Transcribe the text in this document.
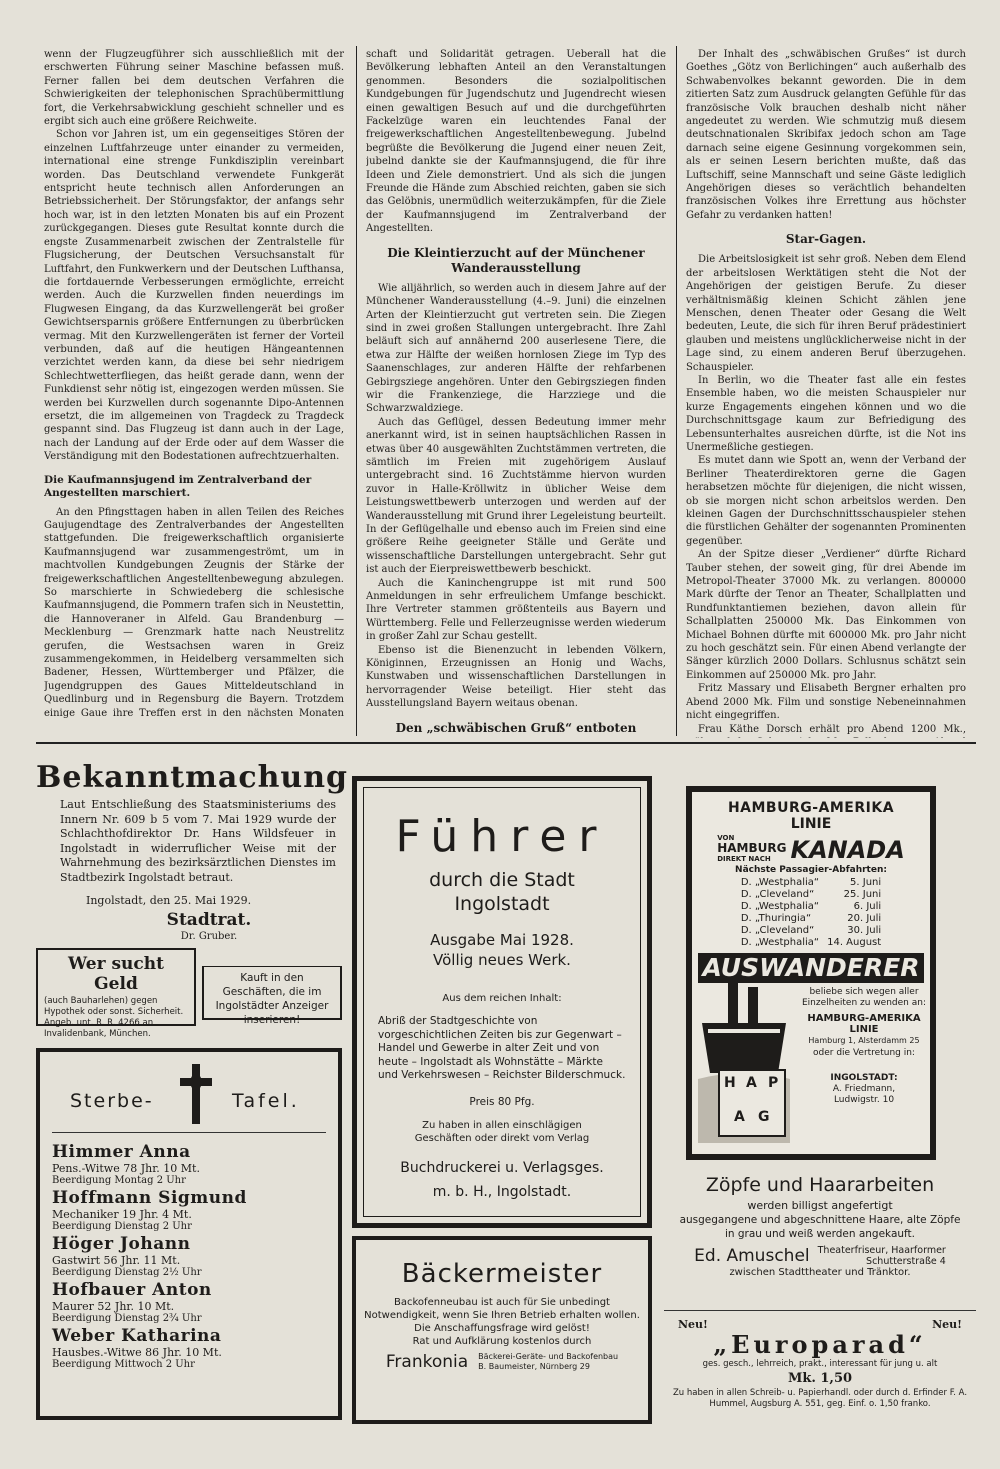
wenn der Flugzeugführer sich ausschließlich mit der erschwerten Führung seiner Maschine befassen muß. Ferner fallen bei dem deutschen Verfahren die Schwierigkeiten der telephonischen Sprachübermittlung fort, die Verkehrsabwicklung geschieht schneller und es ergibt sich auch eine größere Reichweite.

Schon vor Jahren ist, um ein gegenseitiges Stören der einzelnen Luftfahrzeuge unter einander zu vermeiden, international eine strenge Funkdisziplin vereinbart worden. Das Deutschland verwendete Funkgerät entspricht heute technisch allen Anforderungen an Betriebssicherheit. Der Störungsfaktor, der anfangs sehr hoch war, ist in den letzten Monaten bis auf ein Prozent zurückgegangen. Dieses gute Resultat konnte durch die engste Zusammenarbeit zwischen der Zentralstelle für Flugsicherung, der Deutschen Versuchsanstalt für Luftfahrt, den Funkwerkern und der Deutschen Lufthansa, die fortdauernde Verbesserungen ermöglichte, erreicht werden. Auch die Kurzwellen finden neuerdings im Flugwesen Eingang, da das Kurzwellengerät bei großer Gewichtsersparnis größere Entfernungen zu überbrücken vermag. Mit den Kurzwellengeräten ist ferner der Vorteil verbunden, daß auf die heutigen Hängeantennen verzichtet werden kann, da diese bei sehr niedrigem Schlechtwetterfliegen, das heißt gerade dann, wenn der Funkdienst sehr nötig ist, eingezogen werden müssen. Sie werden bei Kurzwellen durch sogenannte Dipo-Antennen ersetzt, die im allgemeinen von Tragdeck zu Tragdeck gespannt sind. Das Flugzeug ist dann auch in der Lage, nach der Landung auf der Erde oder auf dem Wasser die Verständigung mit den Bodestationen aufrechtzuerhalten.

Die Kaufmannsjugend im Zentralverband der Angestellten marschiert.

An den Pfingsttagen haben in allen Teilen des Reiches Gaujugendtage des Zentralverbandes der Angestellten stattgefunden. Die freigewerkschaftlich organisierte Kaufmannsjugend war zusammengeströmt, um in machtvollen Kundgebungen Zeugnis der Stärke der freigewerkschaftlichen Angestelltenbewegung abzulegen. So marschierte in Schwiedeberg die schlesische Kaufmannsjugend, die Pommern trafen sich in Neustettin, die Hannoveraner in Alfeld. Gau Brandenburg — Mecklenburg — Grenzmark hatte nach Neustrelitz gerufen, die Westsachsen waren in Greiz zusammengekommen, in Heidelberg versammelten sich Badener, Hessen, Württemberger und Pfälzer, die Jugendgruppen des Gaues Mitteldeutschland in Quedlinburg und in Regensburg die Bayern. Trotzdem einige Gaue ihre Treffen erst in den nächsten Monaten

schaft und Solidarität getragen. Ueberall hat die Bevölkerung lebhaften Anteil an den Veranstaltungen genommen. Besonders die sozialpolitischen Kundgebungen für Jugendschutz und Jugendrecht wiesen einen gewaltigen Besuch auf und die durchgeführten Fackelzüge waren ein leuchtendes Fanal der freigewerkschaftlichen Angestelltenbewegung. Jubelnd begrüßte die Bevölkerung die Jugend einer neuen Zeit, jubelnd dankte sie der Kaufmannsjugend, die für ihre Ideen und Ziele demonstriert. Und als sich die jungen Freunde die Hände zum Abschied reichten, gaben sie sich das Gelöbnis, unermüdlich weiterzukämpfen, für die Ziele der Kaufmannsjugend im Zentralverband der Angestellten.

Die Kleintierzucht auf der Münchener Wanderausstellung

Wie alljährlich, so werden auch in diesem Jahre auf der Münchener Wanderausstellung (4.–9. Juni) die einzelnen Arten der Kleintierzucht gut vertreten sein. Die Ziegen sind in zwei großen Stallungen untergebracht. Ihre Zahl beläuft sich auf annähernd 200 auserlesene Tiere, die etwa zur Hälfte der weißen hornlosen Ziege im Typ des Saanenschlages, zur anderen Hälfte der rehfarbenen Gebirgsziege angehören. Unter den Gebirgsziegen finden wir die Frankenziege, die Harzziege und die Schwarzwaldziege.

Auch das Geflügel, dessen Bedeutung immer mehr anerkannt wird, ist in seinen hauptsächlichen Rassen in etwas über 40 ausgewählten Zuchtstämmen vertreten, die sämtlich im Freien mit zugehörigem Auslauf untergebracht sind. 16 Zuchtstämme hiervon wurden zuvor in Halle-Kröllwitz in üblicher Weise dem Leistungswettbewerb unterzogen und werden auf der Wanderausstellung mit Grund ihrer Legeleistung beurteilt. In der Geflügelhalle und ebenso auch im Freien sind eine größere Reihe geeigneter Ställe und Geräte und wissenschaftliche Darstellungen untergebracht. Sehr gut ist auch der Eierpreiswettbewerb beschickt.

Auch die Kaninchengruppe ist mit rund 500 Anmeldungen in sehr erfreulichem Umfange beschickt. Ihre Vertreter stammen größtenteils aus Bayern und Württemberg. Felle und Fellerzeugnisse werden wiederum in großer Zahl zur Schau gestellt.

Ebenso ist die Bienenzucht in lebenden Völkern, Königinnen, Erzeugnissen an Honig und Wachs, Kunstwaben und wissenschaftlichen Darstellungen in hervorragender Weise beteiligt. Hier steht das Ausstellungsland Bayern weitaus obenan.

Den „schwäbischen Gruß“ entboten

Der Inhalt des „schwäbischen Grußes“ ist durch Goethes „Götz von Berlichingen“ auch außerhalb des Schwabenvolkes bekannt geworden. Die in dem zitierten Satz zum Ausdruck gelangten Gefühle für das französische Volk brauchen deshalb nicht näher angedeutet zu werden. Wie schmutzig muß diesem deutschnationalen Skribifax jedoch schon am Tage darnach seine eigene Gesinnung vorgekommen sein, als er seinen Lesern berichten mußte, daß das Luftschiff, seine Mannschaft und seine Gäste lediglich Angehörigen dieses so verächtlich behandelten französischen Volkes ihre Errettung aus höchster Gefahr zu verdanken hatten!

Star-Gagen.

Die Arbeitslosigkeit ist sehr groß. Neben dem Elend der arbeitslosen Werktätigen steht die Not der Angehörigen der geistigen Berufe. Zu dieser verhältnismäßig kleinen Schicht zählen jene Menschen, denen Theater oder Gesang die Welt bedeuten, Leute, die sich für ihren Beruf prädestiniert glauben und meistens unglücklicherweise nicht in der Lage sind, zu einem anderen Beruf überzugehen. Schauspieler.

In Berlin, wo die Theater fast alle ein festes Ensemble haben, wo die meisten Schauspieler nur kurze Engagements eingehen können und wo die Durchschnittsgage kaum zur Befriedigung des Lebensunterhaltes ausreichen dürfte, ist die Not ins Unermeßliche gestiegen.

Es mutet dann wie Spott an, wenn der Verband der Berliner Theaterdirektoren gerne die Gagen herabsetzen möchte für diejenigen, die nicht wissen, ob sie morgen nicht schon arbeitslos werden. Den kleinen Gagen der Durchschnittsschauspieler stehen die fürstlichen Gehälter der sogenannten Prominenten gegenüber.

An der Spitze dieser „Verdiener“ dürfte Richard Tauber stehen, der soweit ging, für drei Abende im Metropol-Theater 37000 Mk. zu verlangen. 800000 Mark dürfte der Tenor an Theater, Schallplatten und Rundfunktantiemen beziehen, davon allein für Schallplatten 250000 Mk. Das Einkommen von Michael Bohnen dürfte mit 600000 Mk. pro Jahr nicht zu hoch geschätzt sein. Für einen Abend verlangte der Sänger kürzlich 2000 Dollars. Schlusnus schätzt sein Einkommen auf 250000 Mk. pro Jahr.

Fritz Massary und Elisabeth Bergner erhalten pro Abend 2000 Mk. Film und sonstige Nebeneinnahmen nicht eingegriffen.

Frau Käthe Dorsch erhält pro Abend 1200 Mk.,

Bekanntmachung
Laut Entschließung des Staatsministeriums des Innern Nr. 609 b 5 vom 7. Mai 1929 wurde der Schlachthofdirektor Dr. Hans Wildsfeuer in Ingolstadt in widerruflicher Weise mit der Wahrnehmung des bezirksärztlichen Dienstes im Stadtbezirk Ingolstadt betraut.
Ingolstadt, den 25. Mai 1929.
Stadtrat.
Dr. Gruber.
Wer sucht Geld
(auch Bauharlehen) gegen Hypothek oder sonst. Sicherheit. Angeb. unt. R. R. 4266 an Invalidenbank, München.
Kauft in den Geschäften, die im Ingolstädter Anzeiger inserieren!
Sterbe-	Tafel.
Himmer Anna
Pens.-Witwe 78 Jhr. 10 Mt.
Beerdigung Montag 2 Uhr
Hoffmann Sigmund
Mechaniker 19 Jhr. 4 Mt.
Beerdigung Dienstag 2 Uhr
Höger Johann
Gastwirt 56 Jhr. 11 Mt.
Beerdigung Dienstag 2½ Uhr
Hofbauer Anton
Maurer 52 Jhr. 10 Mt.
Beerdigung Dienstag 2¾ Uhr
Weber Katharina
Hausbes.-Witwe 86 Jhr. 10 Mt.
Beerdigung Mittwoch 2 Uhr
Führer
durch die Stadt
Ingolstadt
Ausgabe Mai 1928.
Völlig neues Werk.
Aus dem reichen Inhalt:
Abriß der Stadtgeschichte von vorgeschichtlichen Zeiten bis zur Gegenwart – Handel und Gewerbe in alter Zeit und von heute – Ingolstadt als Wohnstätte – Märkte und Verkehrswesen – Reichster Bilderschmuck.
Preis 80 Pfg.
Zu haben in allen einschlägigen Geschäften oder direkt vom Verlag
Buchdruckerei u. Verlagsges.
m. b. H., Ingolstadt.
Bäckermeister
Backofenneubau ist auch für Sie unbedingt Notwendigkeit, wenn Sie Ihren Betrieb erhalten wollen. Die Anschaffungsfrage wird gelöst!
Rat und Aufklärung kostenlos durch
Frankonia Bäckerei-Geräte- und Backofenbau
B. Baumeister, Nürnberg 29
HAMBURG-AMERIKA
LINIE
VON
HAMBURG
DIREKT NACH KANADA
Nächste Passagier-Abfahrten:
D. „Westphalia“	5. Juni
D. „Cleveland“	25. Juni
D. „Westphalia“	6. Juli
D. „Thuringia“	20. Juli
D. „Cleveland“	30. Juli
D. „Westphalia“	14. August
AUSWANDERER
H A P
A G
beliebe sich wegen aller Einzelheiten zu wenden an:
HAMBURG-AMERIKA LINIE
Hamburg 1, Alsterdamm 25
oder die Vertretung in:
INGOLSTADT:
A. Friedmann,
Ludwigstr. 10
Zöpfe und Haararbeiten
werden billigst angefertigt
ausgegangene und abgeschnittene Haare, alte Zöpfe in grau und weiß werden angekauft.
Ed. Amuschel Theaterfriseur, Haarformer
Schutterstraße 4
zwischen Stadttheater und Tränktor.
Neu!	Neu!
„Europarad“
ges. gesch., lehrreich, prakt., interessant für jung u. alt
Mk. 1,50
Zu haben in allen Schreib- u. Papierhandl. oder durch d. Erfinder F. A. Hummel, Augsburg A. 551, geg. Einf. o. 1,50 franko.
